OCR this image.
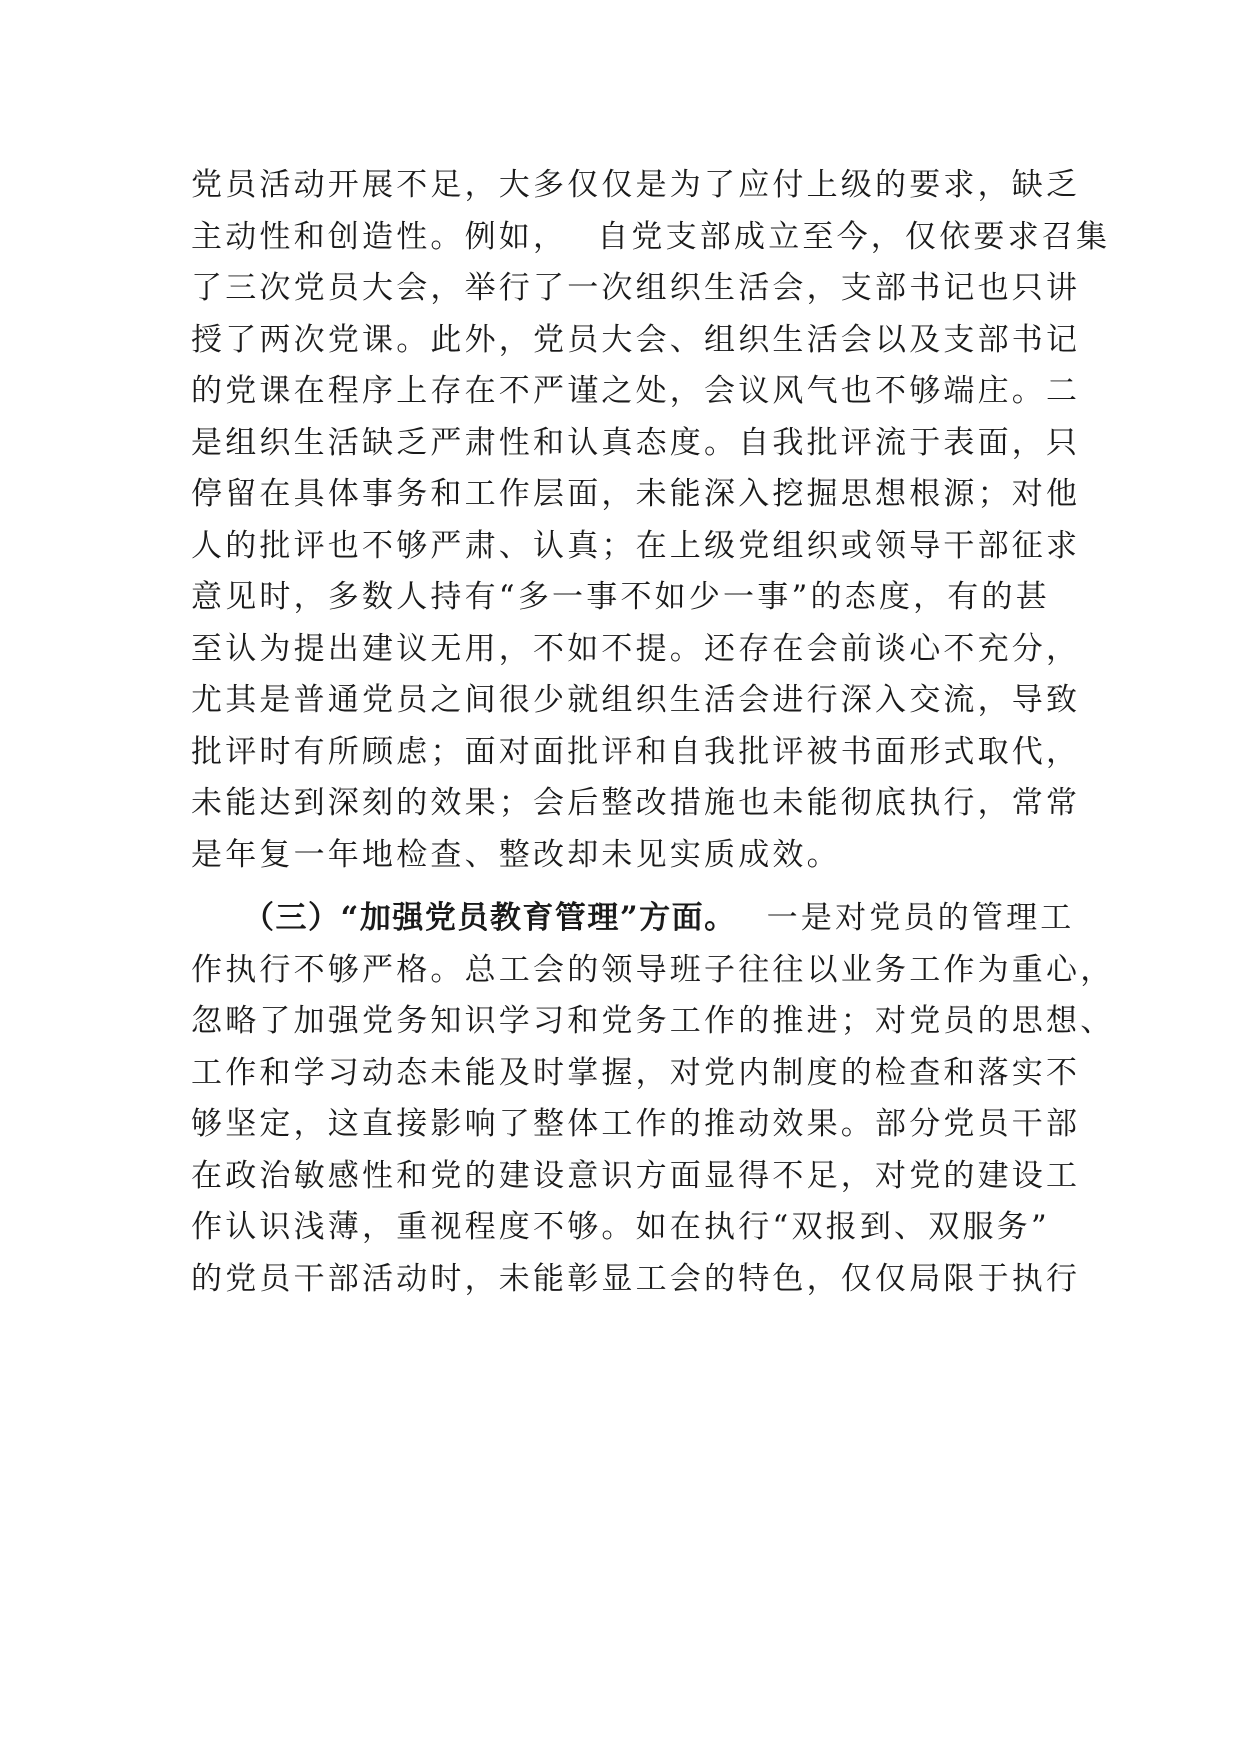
党员活动开展不足，大多仅仅是为了应付上级的要求，缺乏
主动性和创造性。例如， 自党支部成立至今，仅依要求召集
了三次党员大会，举行了一次组织生活会，支部书记也只讲
授了两次党课。此外，党员大会、组织生活会以及支部书记
的党课在程序上存在不严谨之处，会议风气也不够端庄。二
是组织生活缺乏严肃性和认真态度。自我批评流于表面，只
停留在具体事务和工作层面，未能深入挖掘思想根源；对他
人的批评也不够严肃、认真；在上级党组织或领导干部征求
意见时，多数人持有“多一事不如少一事”的态度，有的甚
至认为提出建议无用，不如不提。还存在会前谈心不充分，
尤其是普通党员之间很少就组织生活会进行深入交流，导致
批评时有所顾虑；面对面批评和自我批评被书面形式取代，
未能达到深刻的效果；会后整改措施也未能彻底执行，常常
是年复一年地检查、整改却未见实质成效。
（三）“加强党员教育管理”方面。 一是对党员的管理工
作执行不够严格。总工会的领导班子往往以业务工作为重心，
忽略了加强党务知识学习和党务工作的推进；对党员的思想、
工作和学习动态未能及时掌握，对党内制度的检查和落实不
够坚定，这直接影响了整体工作的推动效果。部分党员干部
在政治敏感性和党的建设意识方面显得不足，对党的建设工
作认识浅薄，重视程度不够。如在执行“双报到、双服务”
的党员干部活动时，未能彰显工会的特色，仅仅局限于执行
